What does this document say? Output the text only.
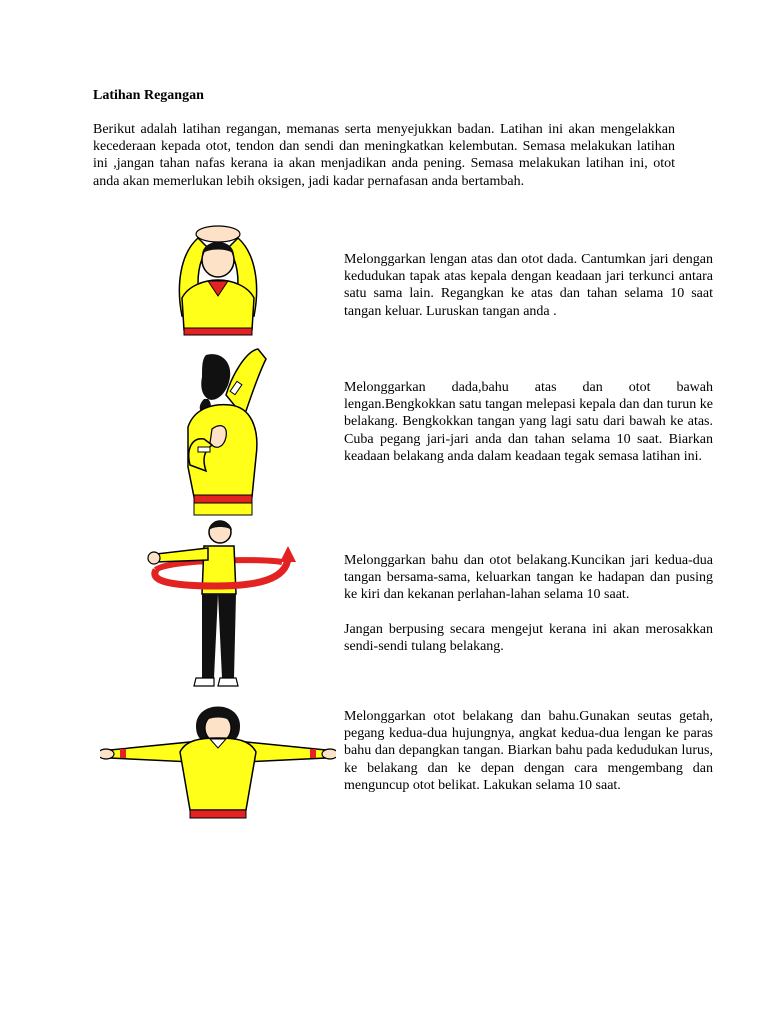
Latihan Regangan
Berikut adalah latihan regangan, memanas serta menyejukkan badan. Latihan ini akan mengelakkan kecederaan kepada otot, tendon dan sendi dan meningkatkan kelembutan. Semasa melakukan latihan ini ,jangan tahan nafas kerana ia akan menjadikan anda pening. Semasa melakukan latihan ini, otot anda akan memerlukan lebih oksigen, jadi kadar pernafasan anda bertambah.

Melonggarkan lengan atas dan otot dada. Cantumkan jari dengan kedudukan tapak atas kepala dengan keadaan jari terkunci antara satu sama lain. Regangkan ke atas dan tahan selama 10 saat tangan keluar. Luruskan tangan anda .

Melonggarkan dada,bahu atas dan otot bawah lengan.Bengkokkan satu tangan melepasi kepala dan dan turun ke belakang. Bengkokkan tangan yang lagi satu dari bawah ke atas. Cuba pegang jari-jari anda dan tahan selama 10 saat. Biarkan keadaan belakang anda dalam keadaan tegak semasa latihan ini.

Melonggarkan bahu dan otot belakang.Kuncikan jari kedua-dua tangan bersama-sama, keluarkan tangan ke hadapan dan pusing ke kiri dan kekanan perlahan-lahan selama 10 saat.

Jangan berpusing secara mengejut kerana ini akan merosakkan sendi-sendi tulang belakang.

Melonggarkan otot belakang dan bahu.Gunakan seutas getah, pegang kedua-dua hujungnya, angkat kedua-dua lengan ke paras bahu dan depangkan tangan. Biarkan bahu pada kedudukan lurus, ke belakang dan ke depan dengan cara mengembang dan menguncup otot belikat. Lakukan selama 10 saat.
